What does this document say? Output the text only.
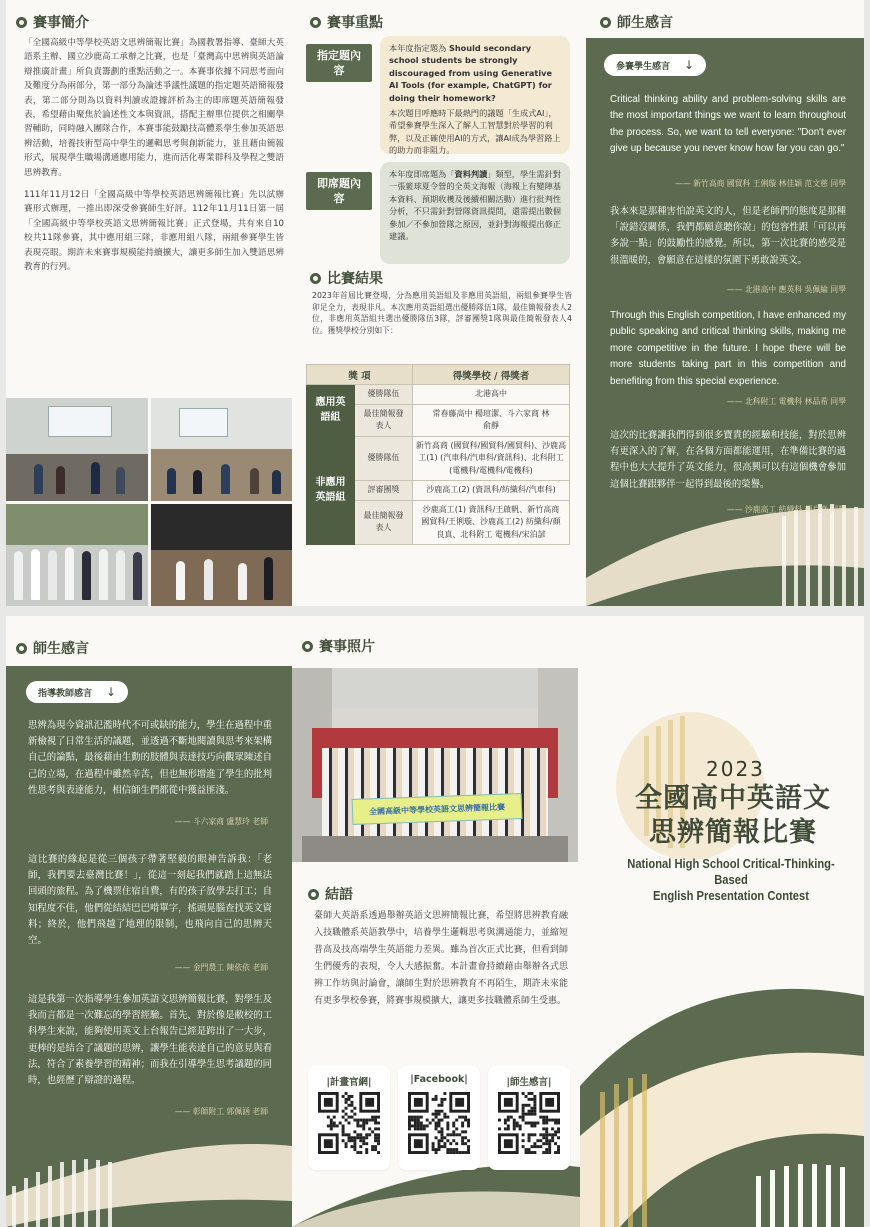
賽事簡介

「全國高級中等學校英語文思辨簡報比賽」為國教署指導、臺師大英語系主辦、國立沙鹿高工承辦之比賽，也是「臺灣高中思辨與英語論辯推廣計畫」所負責籌劃的重點活動之一。本賽事依據不同思考面向及難度分為兩部分，第一部分為論述爭議性議題的指定題英語簡報發表，第二部分則為以資料判讀或證據評析為主的即席題英語簡報發表，希望藉由聚焦於論述性文本與資訊，搭配主辦單位提供之相關學習輔助，同時融入團隊合作，本賽事能鼓勵技高體系學生參加英語思辨活動，培養技術型高中學生的邏輯思考與創新能力，並且藉由簡報形式，展現學生職場溝通應用能力，進而活化專業群科及學程之雙語思辨教育。

111年11月12日「全國高級中等學校英語思辨簡報比賽」先以試辦賽形式辦理，一推出即深受參賽師生好評。112年11月11日第一屆「全國高級中等學校英語文思辨簡報比賽」正式登場，共有來自10校共11隊參賽，其中應用組三隊，非應用組八隊，兩組參賽學生皆表現亮眼。期許未來賽事規模能持續擴大，讓更多師生加入雙語思辨教育的行列。

賽事重點
指定題內容
本年度指定題為 Should secondary school students be strongly discouraged from using Generative AI Tools (for example, ChatGPT) for doing their homework?
本次題目呼應時下最熱門的議題「生成式AI」，希望參賽學生深入了解人工智慧對於學習的利弊，以及正確使用AI的方式，讓AI成為學習路上的助力而非阻力。
即席題內容
本年度即席題為「資料判讀」類型，學生需針對一張籃球夏令營的全英文海報（海報上有變陣基本資料、預期收穫及後續相關活動）進行批判性分析，不只需針對營隊資訊提問，還需提出數個參加／不參加營隊之原因，並針對海報提出修正建議。
比賽結果
2023年首屆比賽登場，分為應用英語組及非應用英語組，兩組參賽學生皆卯足全力，表現非凡。本次應用英語組選出優勝隊伍1隊，最佳簡報發表人2位，非應用英語組共選出優勝隊伍3隊，評審團獎1隊與最佳簡報發表人4位。獲獎學校分別如下：
獎 項		得獎學校 / 得獎者

應用英語組	優勝隊伍	北港高中

	最佳簡報發表人	常春藤高中 楊瑄潔、斗六家商 林俞靜

非應用英語組	優勝隊伍	新竹高商 (國貿科/國貿科/國貿科)、沙鹿高工(1) (汽車科/汽車科/資訊科)、北科附工 (電機科/電機科/電機科)

	評審團獎	沙鹿高工(2) (資訊科/紡織科/汽車科)

	最佳簡報發表人	沙鹿高工(1) 資訊科/王啟帆、新竹高商 國貿科/王俐璇、沙鹿高工(2) 紡織科/顏良真、北科附工 電機科/宋泊諺
師生感言
參賽學生感言 ↓
Critical thinking ability and problem-solving skills are the most important things we want to learn throughout the process. So, we want to tell everyone: "Don't ever give up because you never know how far you can go."
—— 新竹高商 國貿科 王俐璇 林佳穎 范文慈 同學
我本來是那種害怕說英文的人，但是老師們的態度是那種「說錯沒關係，我們都願意聽你說」的包容性跟「可以再多說一點」的鼓勵性的感覺。所以，第一次比賽的感受是很溫暖的，會願意在這樣的氛圍下勇敢說英文。
—— 北港高中 應英科 吳佩綸 同學
Through this English competition, I have enhanced my public speaking and critical thinking skills, making me more competitive in the future. I hope there will be more students taking part in this competition and benefiting from this special experience.
—— 北科附工 電機科 林品希 同學
這次的比賽讓我們得到很多寶貴的經驗和技能，對於思辨有更深入的了解，在各個方面都能運用，在準備比賽的過程中也大大提升了英文能力，很高興可以有這個機會參加這個比賽跟夥伴一起得到最後的榮譽。
—— 沙鹿高工 紡織科 顏良真 同學
師生感言
指導教師感言 ↓
思辨為現今資訊氾濫時代不可或缺的能力，學生在過程中重新檢視了日常生活的議題，並透過不斷地閱讀與思考來架構自己的論點，最後藉由生動的肢體與表達技巧向觀眾陳述自己的立場，在過程中雖然辛苦，但也無形增進了學生的批判性思考與表達能力，相信師生們都從中獲益匪淺。
—— 斗六家商 盧慧玲 老師
這比賽的緣起是從三個孩子帶著堅毅的眼神告訴我：「老師，我們要去臺灣比賽！」，從這一刻起我們就踏上這無法回頭的旅程。為了機票住宿自費，有的孩子放學去打工；自知程度不佳，他們從結結巴巴啃單字，搖頭晃腦查找英文資料；終於，他們飛越了地理的限制，也飛向自己的思辨天空。
—— 金門農工 陳依依 老師
這是我第一次指導學生參加英語文思辨簡報比賽，對學生及我而言都是一次難忘的學習經驗。首先，對於像是敝校的工科學生來說，能夠使用英文上台報告已經是跨出了一大步，更棒的是結合了議題的思辨，讓學生能表達自己的意見與看法，符合了素養學習的精神；而我在引導學生思考議題的同時，也經歷了辯證的過程。
—— 彰師附工 郭佩涵 老師
賽事照片
全國高級中等學校英語文思辨簡報比賽
結語
臺師大英語系透過舉辦英語文思辨簡報比賽，希望將思辨教育融入技職體系英語教學中，培養學生邏輯思考與溝通能力，並縮短普高及技高端學生英語能力差異。雖為首次正式比賽，但看到師生們優秀的表現，令人大感振奮。本計畫會持續藉由舉辦各式思辨工作坊與討論會，讓師生對於思辨教育不再陌生，期許未來能有更多學校參賽，將賽事規模擴大，讓更多技職體系師生受惠。
|計畫官網|	|Facebook|	|師生感言|
2023
全國高中英語文
思辨簡報比賽
National High School Critical-Thinking-Based
English Presentation Contest
